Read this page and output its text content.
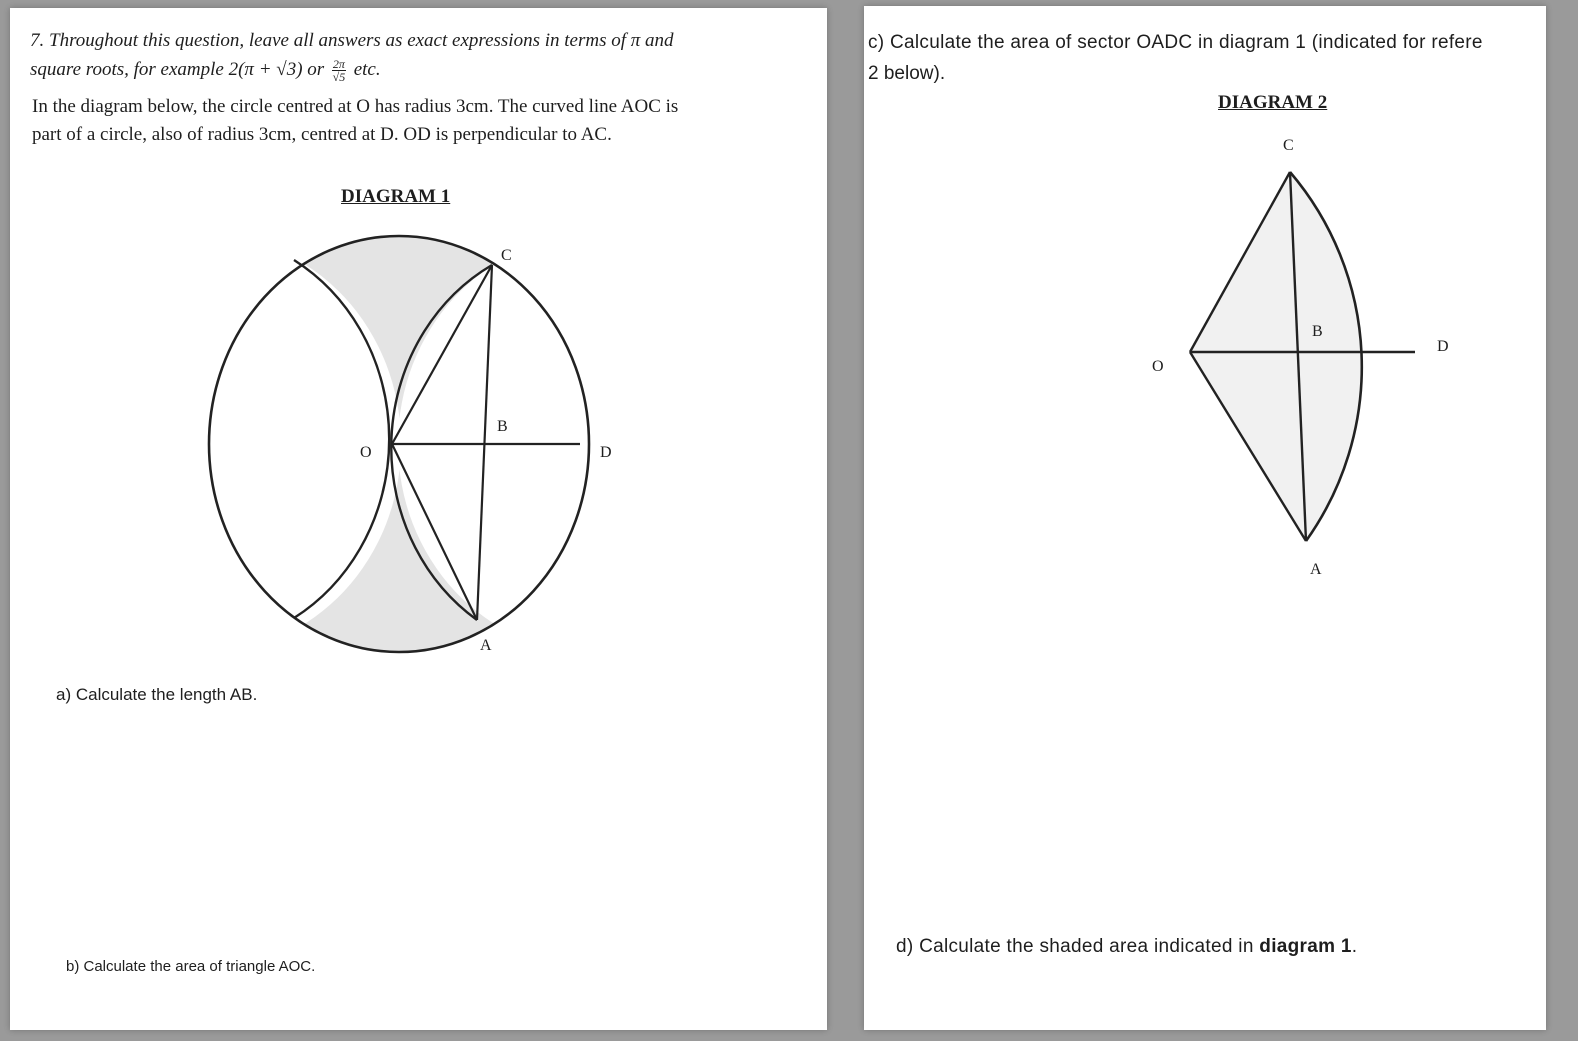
7. Throughout this question, leave all answers as exact expressions in terms of π and
square roots, for example 2(π + √3) or $\frac{2\pi}{√5}$ etc.
In the diagram below, the circle centred at O has radius 3cm. The curved line AOC is
part of a circle, also of radius 3cm, centred at D. OD is perpendicular to AC.
DIAGRAM 1
C
O
B
D
A
a) Calculate the length AB.
b) Calculate the area of triangle AOC.
c) Calculate the area of sector OADC in diagram 1 (indicated for refere
2 below).
DIAGRAM 2
C
B
O
D
A
d) Calculate the shaded area indicated in diagram 1.
